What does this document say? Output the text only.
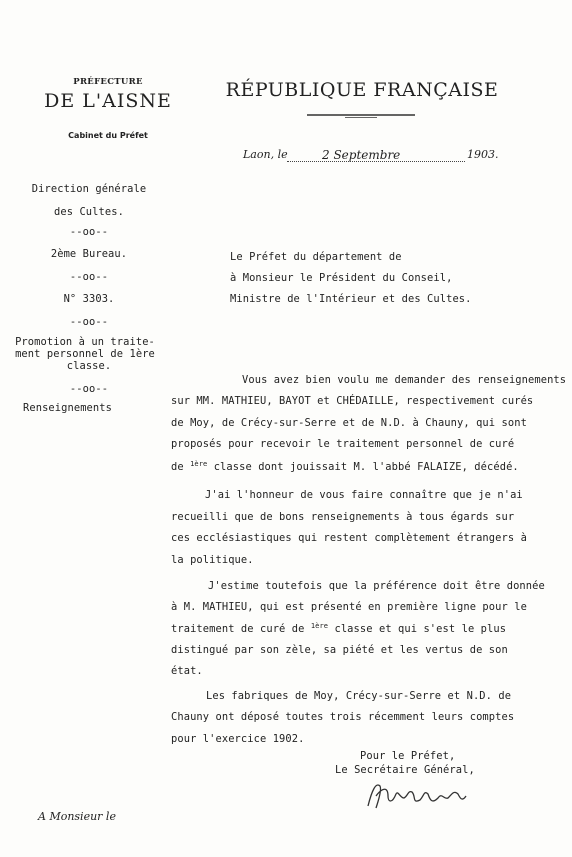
PRÉFECTURE
DE L'AISNE
Cabinet du Préfet
RÉPUBLIQUE FRANÇAISE
Laon, le	2 Septembre	1903.
Direction générale
des Cultes.
--oo--
2ème Bureau.
--oo--
N° 3303.
--oo--
Promotion à un traite-
ment personnel de 1ère
classe.
--oo--
Renseignements
Le Préfet du département de
à Monsieur le Président du Conseil,
Ministre de l'Intérieur et des Cultes.
Vous avez bien voulu me demander des renseignements
sur MM. MATHIEU, BAYOT et CHÉDAILLE, respectivement curés
de Moy, de Crécy-sur-Serre et de N.D. à Chauny, qui sont
proposés pour recevoir le traitement personnel de curé
de $^{1ère}$ classe dont jouissait M. l'abbé FALAIZE, décédé.
J'ai l'honneur de vous faire connaître que je n'ai
recueilli que de bons renseignements à tous égards sur
ces ecclésiastiques qui restent complètement étrangers à
la politique.
J'estime toutefois que la préférence doit être donnée
à M. MATHIEU, qui est présenté en première ligne pour le
traitement de curé de $^{1ère}$ classe et qui s'est le plus
distingué par son zèle, sa piété et les vertus de son
état.
Les fabriques de Moy, Crécy-sur-Serre et N.D. de
Chauny ont déposé toutes trois récemment leurs comptes
pour l'exercice 1902.
Pour le Préfet,
Le Secrétaire Général,
A Monsieur le
